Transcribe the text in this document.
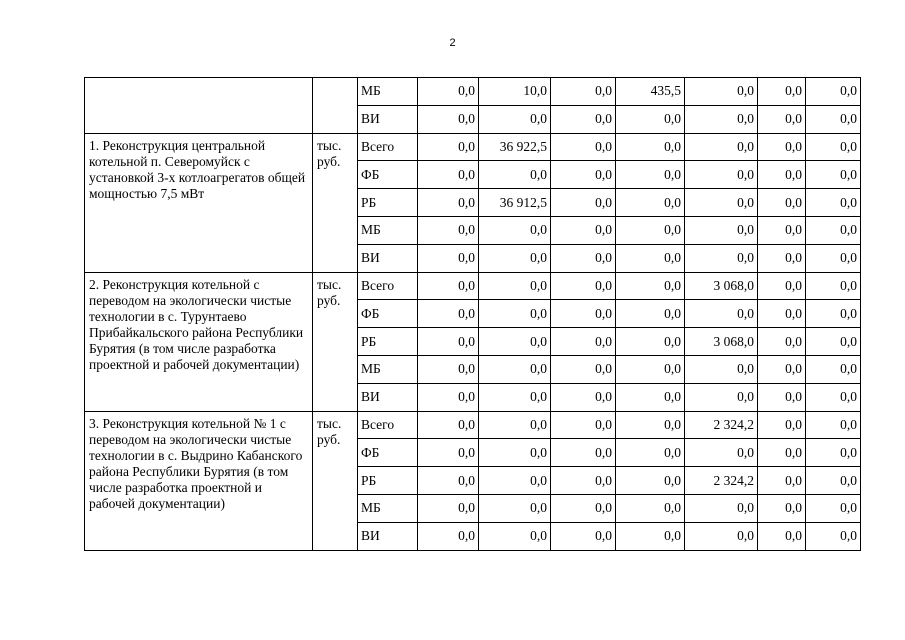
2
		МБ	0,0	10,0	0,0	435,5	0,0	0,0	0,0
		ВИ	0,0	0,0	0,0	0,0	0,0	0,0	0,0
1. Реконструкция центральной котельной п. Северомуйск с установкой 3-х котлоагрегатов общей мощностью 7,5 мВт	тыс. руб.	Всего	0,0	36 922,5	0,0	0,0	0,0	0,0	0,0
		ФБ	0,0	0,0	0,0	0,0	0,0	0,0	0,0
		РБ	0,0	36 912,5	0,0	0,0	0,0	0,0	0,0
		МБ	0,0	0,0	0,0	0,0	0,0	0,0	0,0
		ВИ	0,0	0,0	0,0	0,0	0,0	0,0	0,0
2. Реконструкция котельной с переводом на экологически чистые технологии в с. Турунтаево Прибайкальского района Республики Бурятия (в том числе разработка проектной и рабочей документации)	тыс. руб.	Всего	0,0	0,0	0,0	0,0	3 068,0	0,0	0,0
		ФБ	0,0	0,0	0,0	0,0	0,0	0,0	0,0
		РБ	0,0	0,0	0,0	0,0	3 068,0	0,0	0,0
		МБ	0,0	0,0	0,0	0,0	0,0	0,0	0,0
		ВИ	0,0	0,0	0,0	0,0	0,0	0,0	0,0
3. Реконструкция котельной № 1 с переводом на экологически чистые технологии в с. Выдрино Кабанского района Республики Бурятия (в том числе разработка проектной и рабочей документации)	тыс. руб.	Всего	0,0	0,0	0,0	0,0	2 324,2	0,0	0,0
		ФБ	0,0	0,0	0,0	0,0	0,0	0,0	0,0
		РБ	0,0	0,0	0,0	0,0	2 324,2	0,0	0,0
		МБ	0,0	0,0	0,0	0,0	0,0	0,0	0,0
		ВИ	0,0	0,0	0,0	0,0	0,0	0,0	0,0
